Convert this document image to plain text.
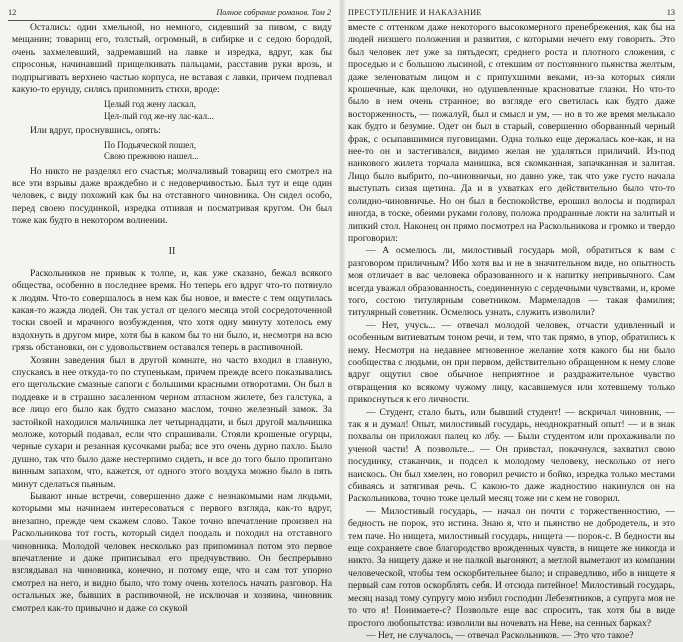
12	Полное собрание романов. Том 2

Остались: один хмельной, но немного, сидевший за пивом, с виду мещанин; товарищ его, толстый, огромный, в сибирке и с седою бородой, очень захмелевший, задремавший на лавке и изредка, вдруг, как бы спросонья, начинавший прищелкивать пальцами, расставив руки врозь, и подпрыгивать верхнею частью корпуса, не вставая с лавки, причем подпевал какую-то ерунду, силясь припомнить стихи, вроде:

Целый год жену ласкал,
Цел-лый год же-ну лас-кал...

Или вдруг, проснувшись, опять:

По Подьяческой пошел,
Свою прежнюю нашел...

Но никто не разделял его счастья; молчаливый товарищ его смотрел на все эти взрывы даже враждебно и с недоверчивостью. Был тут и еще один человек, с виду похожий как бы на отставного чиновника. Он сидел особо, перед своею посудинкой, изредка отпивая и посматривая кругом. Он был тоже как будто в некотором волнении.

II

Раскольников не привык к толпе, и, как уже сказано, бежал всякого общества, особенно в последнее время. Но теперь его вдруг что-то потянуло к людям. Что-то совершалось в нем как бы новое, и вместе с тем ощутилась какая-то жажда людей. Он так устал от целого месяца этой сосредоточенной тоски своей и мрачного возбуждения, что хотя одну минуту хотелось ему вздохнуть в другом мире, хотя бы в каком бы то ни было, и, несмотря на всю грязь обстановки, он с удовольствием оставался теперь в распивочной.

Хозяин заведения был в другой комнате, но часто входил в главную, спускаясь в нее откуда-то по ступенькам, причем прежде всего показывались его щегольские смазные сапоги с большими красными отворотами. Он был в поддевке и в страшно засаленном черном атласном жилете, без галстука, а все лицо его было как будто смазано маслом, точно железный замок. За застойкой находился мальчишка лет четырнадцати, и был другой мальчишка моложе, который подавал, если что спрашивали. Стояли крошеные огурцы, черные сухари и резанная кусочками рыба; все это очень дурно пахло. Было душно, так что было даже нестерпимо сидеть, и все до того было пропитано винным запахом, что, кажется, от одного этого воздуха можно было в пять минут сделаться пьяным.

Бывают иные встречи, совершенно даже с незнакомыми нам людьми, которыми мы начинаем интересоваться с первого взгляда, как-то вдруг, внезапно, прежде чем скажем слово. Такое точно впечатление произвел на Раскольникова тот гость, который сидел поодаль и походил на отставного чиновника. Молодой человек несколько раз припоминал потом это первое впечатление и даже приписывал его предчувствию. Он беспрерывно взглядывал на чиновника, конечно, и потому еще, что и сам тот упорно смотрел на него, и видно было, что тому очень хотелось начать разговор. На остальных же, бывших в распивочной, не исключая и хозяина, чиновник смотрел как-то привычно и даже со скукой

ПРЕСТУПЛЕНИЕ И НАКАЗАНИЕ	13

вместе с оттенком даже некоторого высокомерного пренебрежения, как бы на людей низшего положения и развития, с которыми нечего ему говорить. Это был человек лет уже за пятьдесят, среднего роста и плотного сложения, с проседью и с большою лысиной, с отекшим от постоянного пьянства желтым, даже зеленоватым лицом и с припухшими веками, из-за которых сияли крошечные, как щелочки, но одушевленные красноватые глазки. Но что-то было в нем очень странное; во взгляде его светилась как будто даже восторженность, — пожалуй, был и смысл и ум, — но в то же время мелькало как будто и безумие. Одет он был в старый, совершенно оборванный черный фрак, с осыпавшимися пуговицами. Одна только еще держалась кое-как, и на нее-то он и застегивался, видимо желая не удаляться приличий. Из-под нанкового жилета торчала манишка, вся скомканная, запачканная и залитая. Лицо было выбрито, по-чиновничьи, но давно уже, так что уже густо начала выступать сизая щетина. Да и в ухватках его действительно было что-то солидно-чиновничье. Но он был в беспокойстве, ерошил волосы и подпирал иногда, в тоске, обеими руками голову, положа продранные локти на залитый и липкий стол. Наконец он прямо посмотрел на Раскольникова и громко и твердо проговорил:

— А осмелюсь ли, милостивый государь мой, обратиться к вам с разговором приличным? Ибо хотя вы и не в значительном виде, но опытность моя отличает в вас человека образованного и к напитку непривычного. Сам всегда уважал образованность, соединенную с сердечными чувствами, и, кроме того, состою титулярным советником. Мармеладов — такая фамилия; титулярный советник. Осмелюсь узнать, служить изволили?

— Нет, учусь... — отвечал молодой человек, отчасти удивленный и особенным витиеватым тоном речи, и тем, что так прямо, в упор, обратились к нему. Несмотря на недавнее мгновенное желание хотя какого бы ни было сообщества с людьми, он при первом, действительно обращенном к нему слове вдруг ощутил свое обычное неприятное и раздражительное чувство отвращения ко всякому чужому лицу, касавшемуся или хотевшему только прикоснуться к его личности.

— Студент, стало быть, или бывший студент! — вскричал чиновник, — так я и думал! Опыт, милостивый государь, неоднократный опыт! — и в знак похвалы он приложил палец ко лбу. — Были студентом или прохаживали по ученой части! А позвольте... — Он привстал, покачнулся, захватил свою посудинку, стаканчик, и подсел к молодому человеку, несколько от него наискось. Он был хмелен, но говорил речисто и бойко, изредка только местами сбиваясь и затягивая речь. С какою-то даже жадностию накинулся он на Раскольникова, точно тоже целый месяц тоже ни с кем не говорил.

— Милостивый государь, — начал он почти с торжественностию, — бедность не порок, это истина. Знаю я, что и пьянство не добродетель, и это тем паче. Но нищета, милостивый государь, нищета — порок-с. В бедности вы еще сохраняете свое благородство врожденных чувств, в нищете же никогда и никто. За нищету даже и не палкой выгоняют, а метлой выметают из компании человеческой, чтобы тем оскорбительнее было; и справедливо, ибо в нищете я первый сам готов оскорблять себя. И отсюда питейное! Милостивый государь, месяц назад тому супругу мою избил господин Лебезятников, а супруга моя не то что я! Понимаете-с? Позвольте еще вас спросить, так хотя бы в виде простого любопытства: изволили вы ночевать на Неве, на сенных барках?

— Нет, не случалось, — отвечал Раскольников. — Это что такое?
